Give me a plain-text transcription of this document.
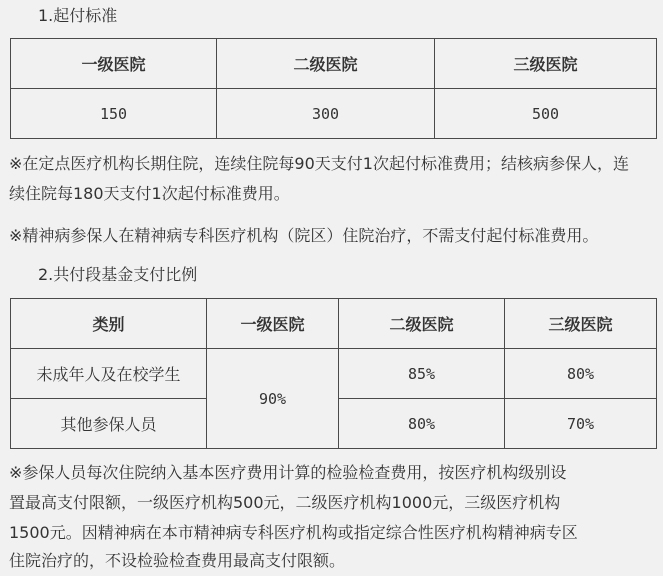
1.起付标准
一级医院	二级医院	三级医院
150	300	500

※在定点医疗机构长期住院，连续住院每90天支付1次起付标准费用；结核病参保人，连

续住院每180天支付1次起付标准费用。

※精神病参保人在精神病专科医疗机构（院区）住院治疗，不需支付起付标准费用。

2.共付段基金支付比例
类别	一级医院	二级医院	三级医院
未成年人及在校学生	90%	85%	80%
其他参保人员		80%	70%

※参保人员每次住院纳入基本医疗费用计算的检验检查费用，按医疗机构级别设

置最高支付限额，一级医疗机构500元，二级医疗机构1000元，三级医疗机构

1500元。因精神病在本市精神病专科医疗机构或指定综合性医疗机构精神病专区

住院治疗的，不设检验检查费用最高支付限额。
